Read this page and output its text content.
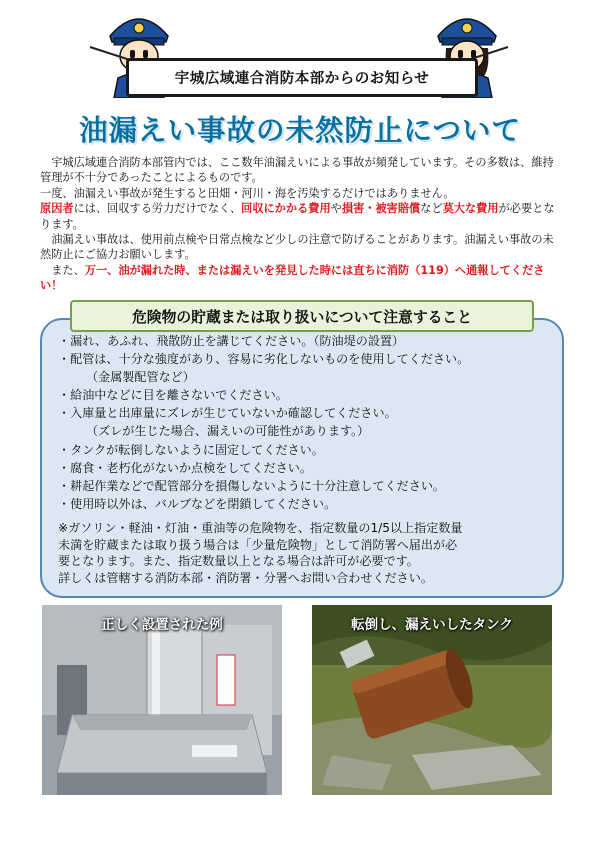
宇城広域連合消防本部からのお知らせ
油漏えい事故の未然防止について

　宇城広域連合消防本部管内では、ここ数年油漏えいによる事故が頻発しています。その多数は、維持管理が不十分であったことによるものです。

一度、油漏えい事故が発生すると田畑・河川・海を汚染するだけではありません。

原因者には、回収する労力だけでなく、回収にかかる費用や損害・被害賠償など莫大な費用が必要となります。

　油漏えい事故は、使用前点検や日常点検など少しの注意で防げることがあります。油漏えい事故の未然防止にご協力お願いします。

　また、万一、油が漏れた時、または漏えいを発見した時には直ちに消防（119）へ通報してください！

危険物の貯蔵または取り扱いについて注意すること
・漏れ、あふれ、飛散防止を講じてください。（防油堤の設置）
・配管は、十分な強度があり、容易に劣化しないものを使用してください。
（金属製配管など）
・給油中などに目を離さないでください。
・入庫量と出庫量にズレが生じていないか確認してください。
（ズレが生じた場合、漏えいの可能性があります。）
・タンクが転倒しないように固定してください。
・腐食・老朽化がないか点検をしてください。
・耕起作業などで配管部分を損傷しないように十分注意してください。
・使用時以外は、バルブなどを閉鎖してください。
※ガソリン・軽油・灯油・重油等の危険物を、指定数量の1/5以上指定数量
未満を貯蔵または取り扱う場合は「少量危険物」として消防署へ届出が必
要となります。また、指定数量以上となる場合は許可が必要です。
詳しくは管轄する消防本部・消防署・分署へお問い合わせください。
正しく設置された例	転倒し、漏えいしたタンク
